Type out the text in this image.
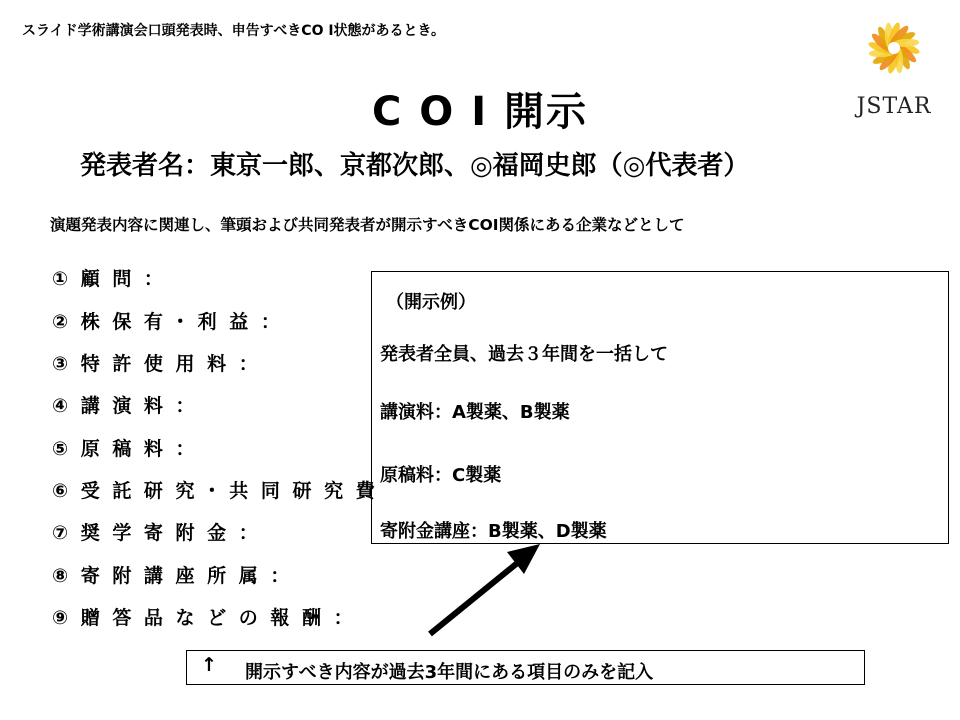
スライド学術講演会口頭発表時、申告すべきCO I状態があるとき。
JSTAR
C O I 開示
発表者名：東京一郎、京都次郎、◎福岡史郎（◎代表者）
演題発表内容に関連し、筆頭および共同発表者が開示すべきCOI関係にある企業などとして
① 顧 問 ：
② 株 保 有 ･ 利 益 ：
③ 特 許 使 用 料 ：
④ 講 演 料 ：
⑤ 原 稿 料 ：
⑥ 受 託 研 究 ･ 共 同 研 究 費
⑦ 奨 学 寄 附 金 ：
⑧ 寄 附 講 座 所 属 ：
⑨ 贈 答 品 な ど の 報 酬 ：
（開示例）
発表者全員、過去３年間を一括して
講演料：A製薬、B製薬
原稿料：C製薬
寄附金講座：B製薬、D製薬
↑ 開示すべき内容が過去3年間にある項目のみを記入
